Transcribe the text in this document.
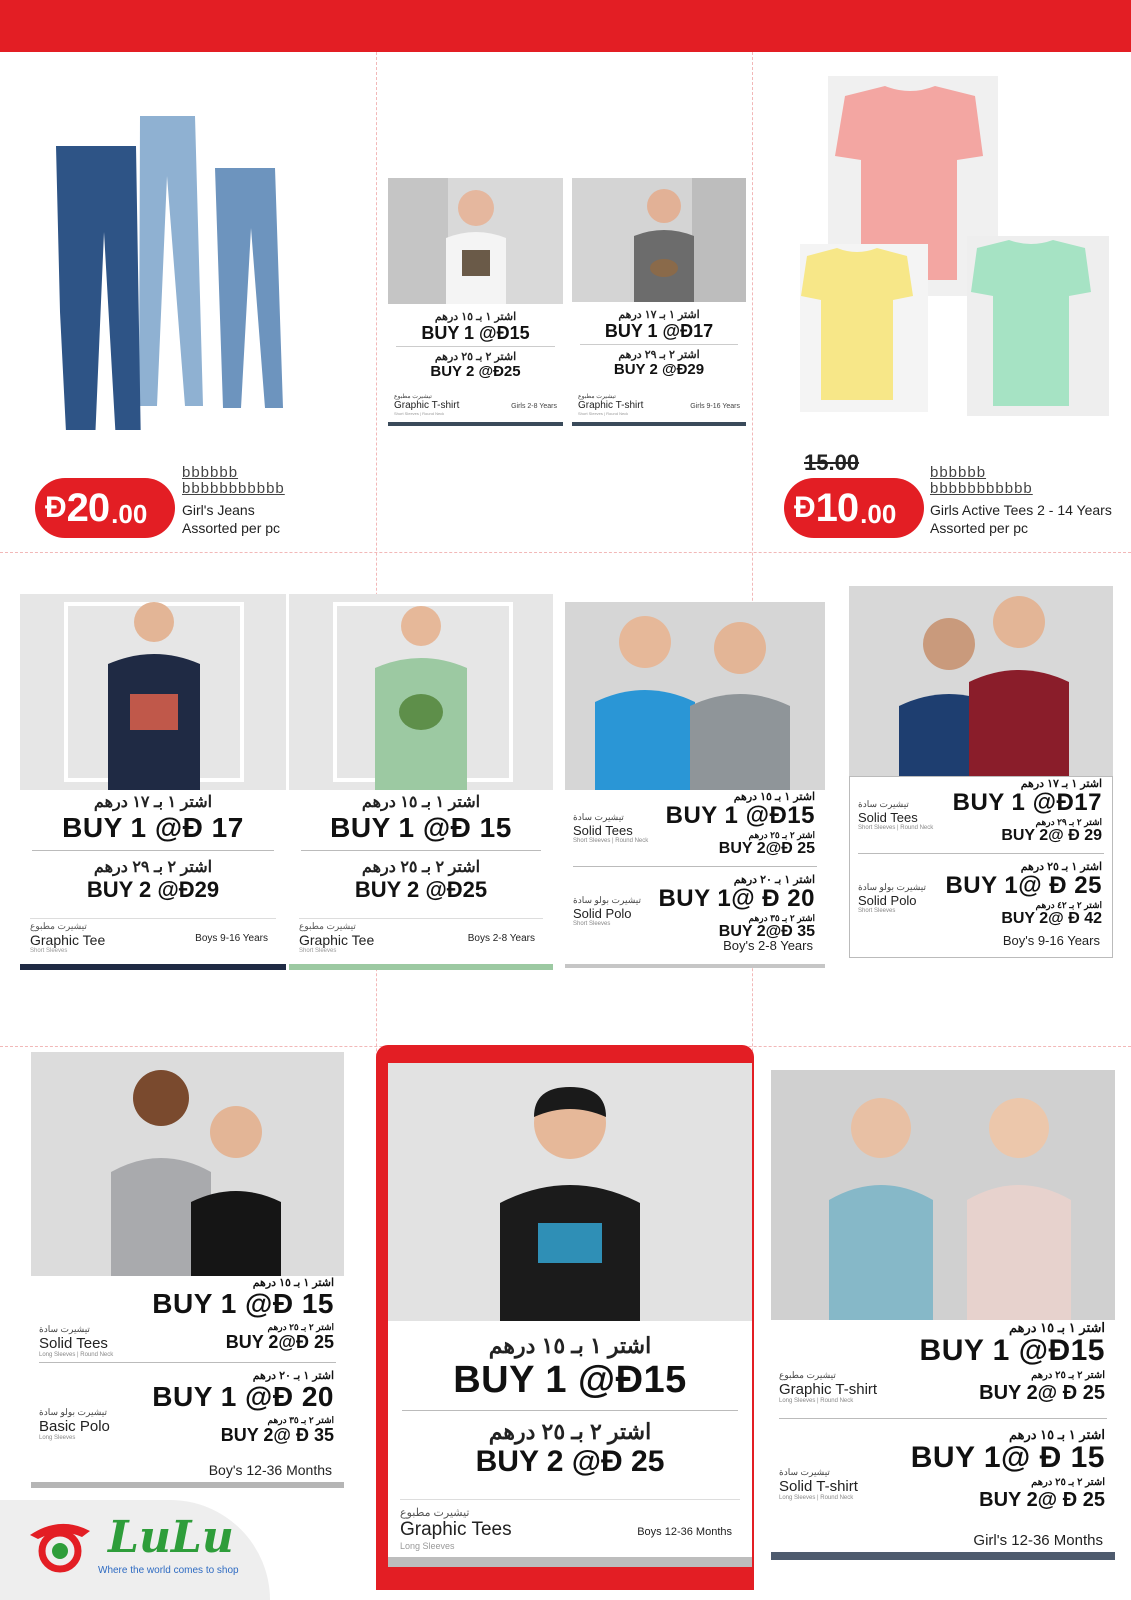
bbbbbb
bbbbbbbbbbb
Ð 20 .00 Girl's Jeans
Assorted per pc
اشتر ١ بـ ١٥ درهم
BUY 1 @Ð15
اشتر ٢ بـ ٢٥ درهم
BUY 2 @Ð25
تيشيرت مطبوع
Graphic T-shirt
Short Sleeves | Round Neck
Girls 2-8 Years
اشتر ١ بـ ١٧ درهم
BUY 1 @Ð17
اشتر ٢ بـ ٢٩ درهم
BUY 2 @Ð29
تيشيرت مطبوع
Graphic T-shirt
Short Sleeves | Round Neck
Girls 9-16 Years
15.00	bbbbbb
bbbbbbbbbbb
Ð 10 .00 Girls Active Tees 2 - 14 Years
Assorted per pc
اشتر ١ بـ ١٧ درهم
BUY 1 @Ð 17
اشتر ٢ بـ ٢٩ درهم
BUY 2 @Ð29
تيشيرت مطبوع
Graphic Tee
Short Sleeves
Boys 9-16 Years
اشتر ١ بـ ١٥ درهم
BUY 1 @Ð 15
اشتر ٢ بـ ٢٥ درهم
BUY 2 @Ð25
تيشيرت مطبوع
Graphic Tee
Short Sleeves
Boys 2-8 Years
اشتر ١ بـ ١٥ درهم
BUY 1 @Ð15
اشتر ٢ بـ ٢٥ درهم
BUY 2@Ð 25
تيشيرت سادة
Solid Tees
Short Sleeves | Round Neck
اشتر ١ بـ ٢٠ درهم
BUY 1@ Ð 20
اشتر ٢ بـ ٣٥ درهم
BUY 2@Ð 35
تيشيرت بولو سادة
Solid Polo
Short Sleeves
Boy's 2-8 Years
اشتر ١ بـ ١٧ درهم
BUY 1 @Ð17
اشتر ٢ بـ ٢٩ درهم
BUY 2@ Ð 29
تيشيرت سادة
Solid Tees
Short Sleeves | Round Neck
اشتر ١ بـ ٢٥ درهم
BUY 1@ Ð 25
اشتر ٢ بـ ٤٢ درهم
BUY 2@ Ð 42
تيشيرت بولو سادة
Solid Polo
Short Sleeves
Boy's 9-16 Years
اشتر ١ بـ ١٥ درهم
BUY 1 @Ð 15
اشتر ٢ بـ ٢٥ درهم
BUY 2@Ð 25
تيشيرت سادة
Solid Tees
Long Sleeves | Round Neck
اشتر ١ بـ ٢٠ درهم
BUY 1 @Ð 20
اشتر ٢ بـ ٣٥ درهم
BUY 2@ Ð 35
تيشيرت بولو سادة
Basic Polo
Long Sleeves
Boy's 12-36 Months
اشتر ١ بـ ١٥ درهم
BUY 1 @Ð15
اشتر ٢ بـ ٢٥ درهم
BUY 2 @Ð 25
تيشيرت مطبوع
Graphic Tees
Long Sleeves
Boys 12-36 Months
اشتر ١ بـ ١٥ درهم
BUY 1 @Ð15
اشتر ٢ بـ ٢٥ درهم
BUY 2@ Ð 25
تيشيرت مطبوع
Graphic T-shirt
Long Sleeves | Round Neck
اشتر ١ بـ ١٥ درهم
BUY 1@ Ð 15
اشتر ٢ بـ ٢٥ درهم
BUY 2@ Ð 25
تيشيرت سادة
Solid T-shirt
Long Sleeves | Round Neck
Girl's 12-36 Months
LuLu
Where the world comes to shop
